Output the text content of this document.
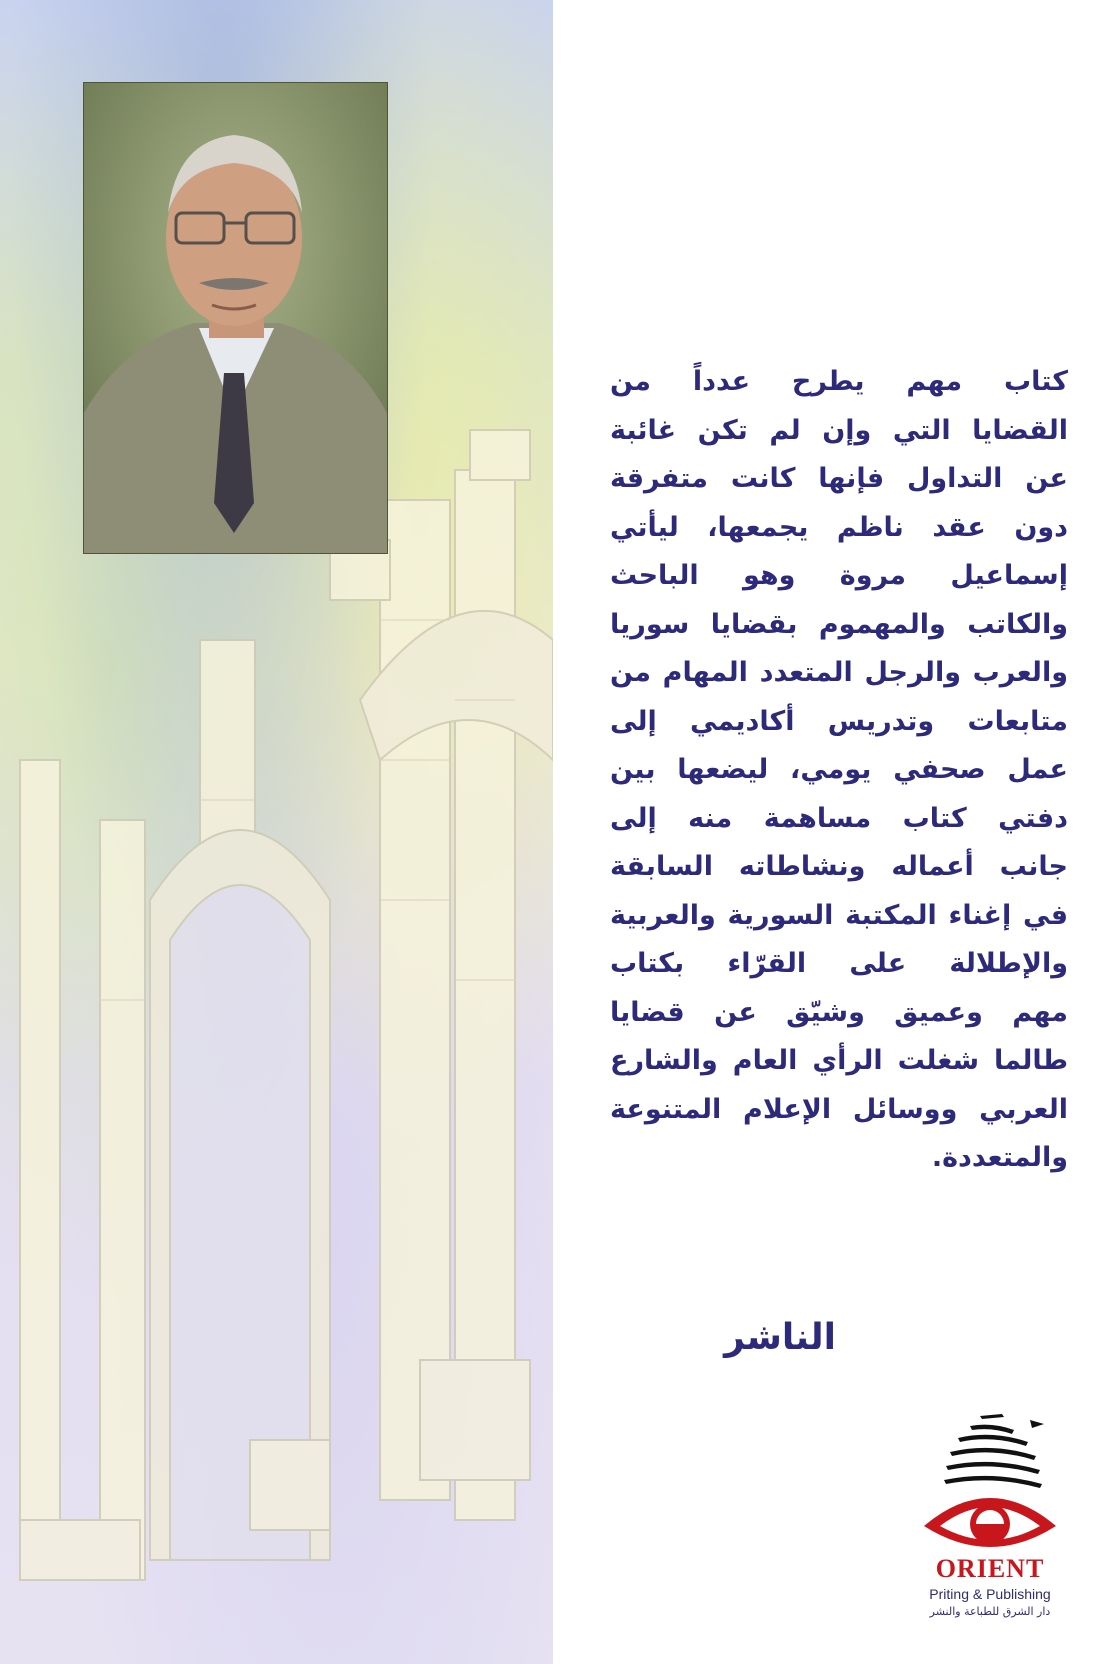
كتاب مهم يطرح عدداً من
القضايا التي وإن لم تكن غائبة
عن التداول فإنها كانت متفرقة
دون عقد ناظم يجمعها، ليأتي
إسماعيل مروة وهو الباحث
والكاتب والمهموم بقضايا سوريا
والعرب والرجل المتعدد المهام من
متابعات وتدريس أكاديمي إلى
عمل صحفي يومي، ليضعها بين
دفتي كتاب مساهمة منه إلى
جانب أعماله ونشاطاته السابقة
في إغناء المكتبة السورية والعربية
والإطلالة على القرّاء بكتاب
مهم وعميق وشيّق عن قضايا
طالما شغلت الرأي العام والشارع
العربي ووسائل الإعلام المتنوعة
والمتعددة.
الناشر
ORIENT
Priting & Publishing
دار الشرق للطباعة والنشر
